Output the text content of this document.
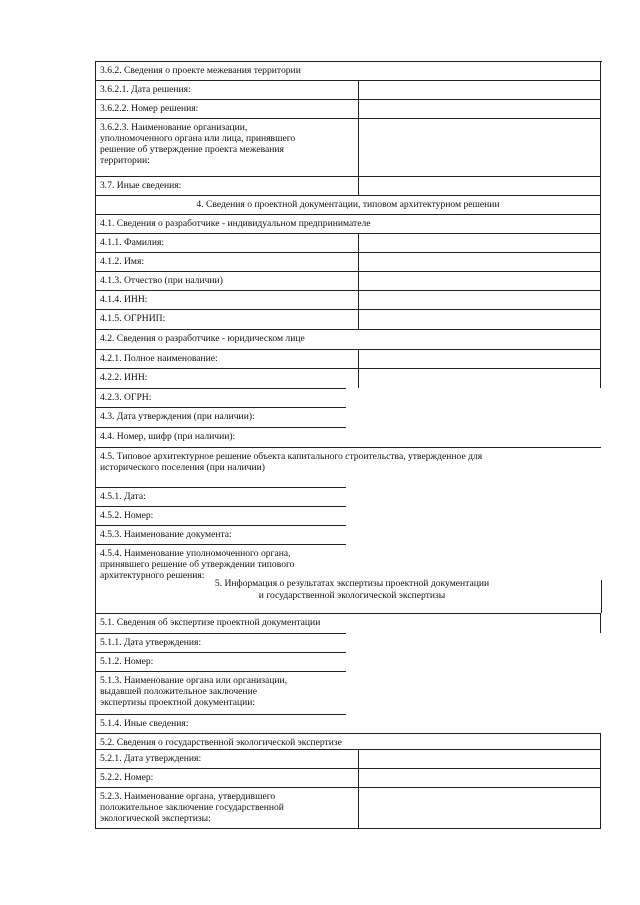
3.6.2. Сведения о проекте межевания территории
3.6.2.1. Дата решения:
3.6.2.2. Номер решения:
3.6.2.3. Наименование организации,
уполномоченного органа или лица, принявшего
решение об утверждение проекта межевания
территории:
3.7. Иные сведения:
4. Сведения о проектной документации, типовом архитектурном решении
4.1. Сведения о разработчике - индивидуальном предпринимателе
4.1.1. Фамилия:
4.1.2. Имя:
4.1.3. Отчество (при наличии)
4.1.4. ИНН:
4.1.5. ОГРНИП:
4.2. Сведения о разработчике - юридическом лице
4.2.1. Полное наименование:
4.2.2. ИНН:
4.2.3. ОГРН:
4.3. Дата утверждения (при наличии):
4.4. Номер, шифр (при наличии):
4.5. Типовое архитектурное решение объекта капитального строительства, утвержденное для
исторического поселения (при наличии)
4.5.1. Дата:
4.5.2. Номер:
4.5.3. Наименование документа:
4.5.4. Наименование уполномоченного органа,
принявшего решение об утверждении типового
архитектурного решения:
5. Информация о результатах экспертизы проектной документации
и государственной экологической экспертизы
5.1. Сведения об экспертизе проектной документации
5.1.1. Дата утверждения:
5.1.2. Номер:
5.1.3. Наименование органа или организации,
выдавшей положительное заключение
экспертизы проектной документации:
5.1.4. Иные сведения:
5.2. Сведения о государственной экологической экспертизе
5.2.1. Дата утверждения:
5.2.2. Номер:
5.2.3. Наименование органа, утвердившего
положительное заключение государственной
экологической экспертизы:
